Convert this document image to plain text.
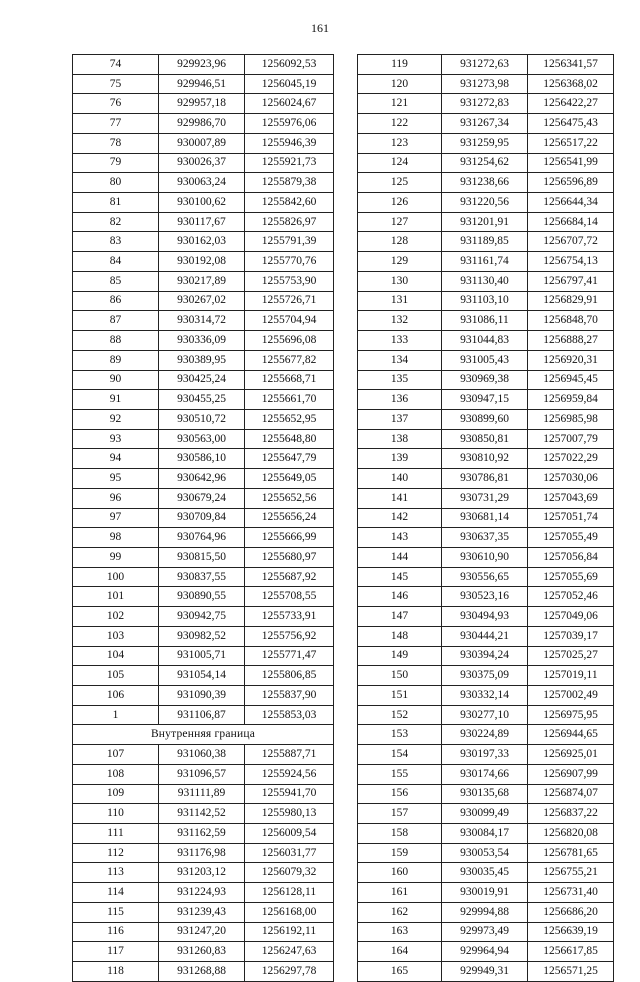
161
74	929923,96	1256092,53
75	929946,51	1256045,19
76	929957,18	1256024,67
77	929986,70	1255976,06
78	930007,89	1255946,39
79	930026,37	1255921,73
80	930063,24	1255879,38
81	930100,62	1255842,60
82	930117,67	1255826,97
83	930162,03	1255791,39
84	930192,08	1255770,76
85	930217,89	1255753,90
86	930267,02	1255726,71
87	930314,72	1255704,94
88	930336,09	1255696,08
89	930389,95	1255677,82
90	930425,24	1255668,71
91	930455,25	1255661,70
92	930510,72	1255652,95
93	930563,00	1255648,80
94	930586,10	1255647,79
95	930642,96	1255649,05
96	930679,24	1255652,56
97	930709,84	1255656,24
98	930764,96	1255666,99
99	930815,50	1255680,97
100	930837,55	1255687,92
101	930890,55	1255708,55
102	930942,75	1255733,91
103	930982,52	1255756,92
104	931005,71	1255771,47
105	931054,14	1255806,85
106	931090,39	1255837,90
1	931106,87	1255853,03
Внутренняя граница		
107	931060,38	1255887,71
108	931096,57	1255924,56
109	931111,89	1255941,70
110	931142,52	1255980,13
111	931162,59	1256009,54
112	931176,98	1256031,77
113	931203,12	1256079,32
114	931224,93	1256128,11
115	931239,43	1256168,00
116	931247,20	1256192,11
117	931260,83	1256247,63
118	931268,88	1256297,78
119	931272,63	1256341,57
120	931273,98	1256368,02
121	931272,83	1256422,27
122	931267,34	1256475,43
123	931259,95	1256517,22
124	931254,62	1256541,99
125	931238,66	1256596,89
126	931220,56	1256644,34
127	931201,91	1256684,14
128	931189,85	1256707,72
129	931161,74	1256754,13
130	931130,40	1256797,41
131	931103,10	1256829,91
132	931086,11	1256848,70
133	931044,83	1256888,27
134	931005,43	1256920,31
135	930969,38	1256945,45
136	930947,15	1256959,84
137	930899,60	1256985,98
138	930850,81	1257007,79
139	930810,92	1257022,29
140	930786,81	1257030,06
141	930731,29	1257043,69
142	930681,14	1257051,74
143	930637,35	1257055,49
144	930610,90	1257056,84
145	930556,65	1257055,69
146	930523,16	1257052,46
147	930494,93	1257049,06
148	930444,21	1257039,17
149	930394,24	1257025,27
150	930375,09	1257019,11
151	930332,14	1257002,49
152	930277,10	1256975,95
153	930224,89	1256944,65
154	930197,33	1256925,01
155	930174,66	1256907,99
156	930135,68	1256874,07
157	930099,49	1256837,22
158	930084,17	1256820,08
159	930053,54	1256781,65
160	930035,45	1256755,21
161	930019,91	1256731,40
162	929994,88	1256686,20
163	929973,49	1256639,19
164	929964,94	1256617,85
165	929949,31	1256571,25
